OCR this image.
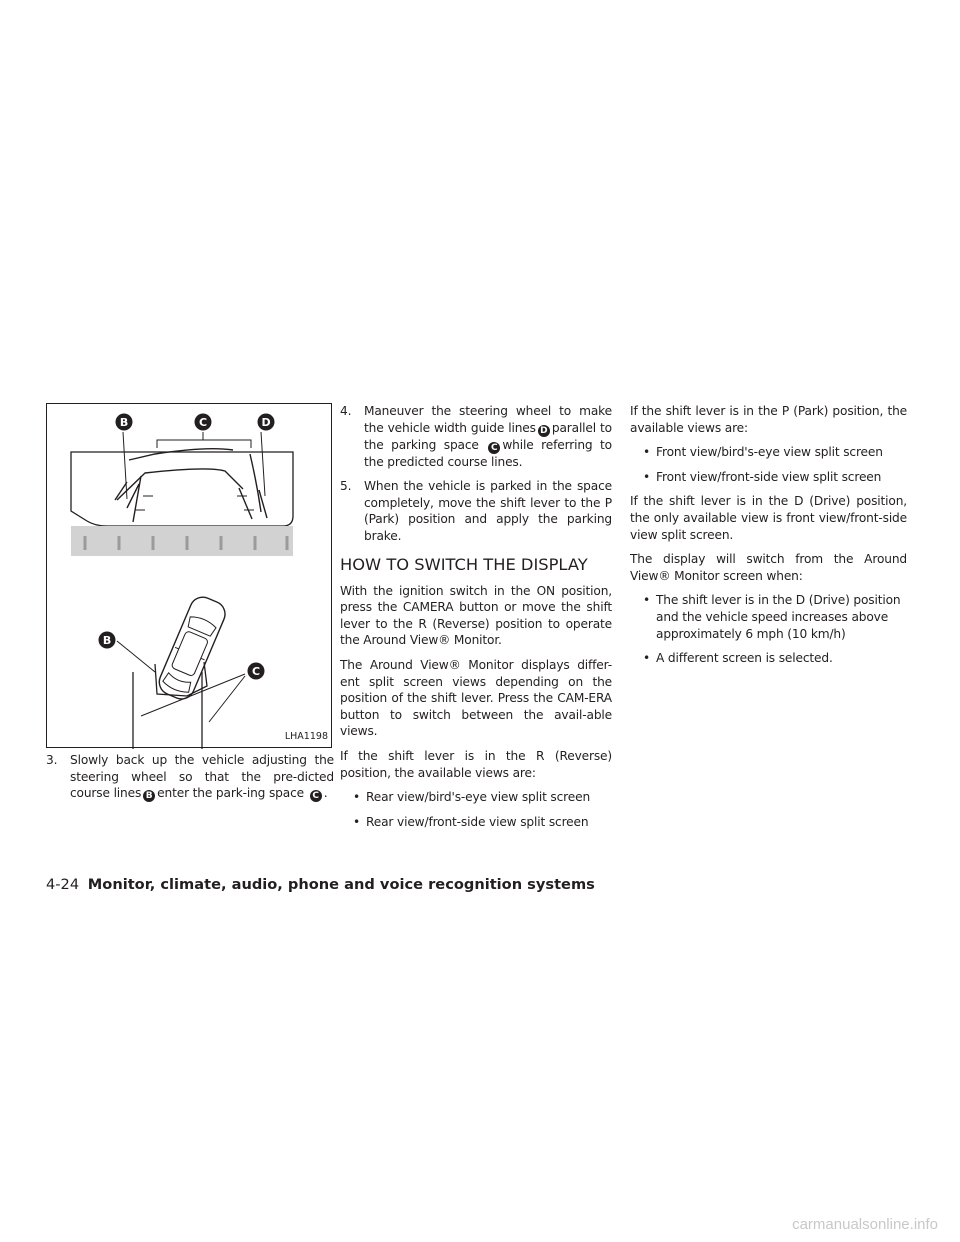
B	C	D
B
C
LHA1198
3. Slowly back up the vehicle adjusting the steering wheel so that the pre-dicted course lines B enter the park-ing space C .
4. Maneuver the steering wheel to make the vehicle width guide lines D parallel to the parking space C while referring to the predicted course lines.
5. When the vehicle is parked in the space completely, move the shift lever to the P (Park) position and apply the parking brake.
HOW TO SWITCH THE DISPLAY

With the ignition switch in the ON position, press the CAMERA button or move the shift lever to the R (Reverse) position to operate the Around View® Monitor.

The Around View® Monitor displays differ-ent split screen views depending on the position of the shift lever. Press the CAM-ERA button to switch between the avail-able views.

If the shift lever is in the R (Reverse) position, the available views are:

• Rear view/bird's-eye view split screen
• Rear view/front-side view split screen

If the shift lever is in the P (Park) position, the available views are:

• Front view/bird's-eye view split screen
• Front view/front-side view split screen

If the shift lever is in the D (Drive) position, the only available view is front view/front-side view split screen.

The display will switch from the Around View® Monitor screen when:

• The shift lever is in the D (Drive) position and the vehicle speed increases above approximately 6 mph (10 km/h)
• A different screen is selected.
4-24 Monitor, climate, audio, phone and voice recognition systems
carmanualsonline.info
